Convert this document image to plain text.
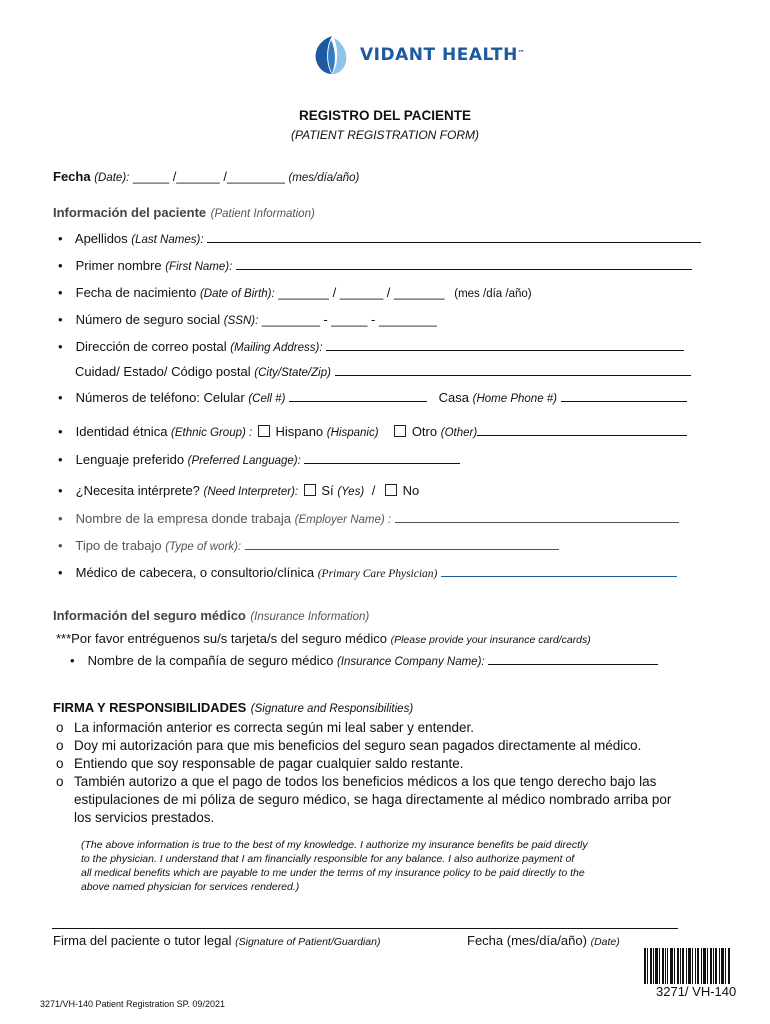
VIDANT HEALTH™
REGISTRO DEL PACIENTE
(PATIENT REGISTRATION FORM)
Fecha (Date): _____ /______ /________ (mes/día/año)
Información del paciente (Patient Information)
• Apellidos (Last Names):
• Primer nombre (First Name):
• Fecha de nacimiento (Date of Birth): _______ / ______ / _______ (mes /día /año)
• Número de seguro social (SSN): ________ - _____ - ________
• Dirección de correo postal (Mailing Address):
Cuidad/ Estado/ Código postal (City/State/Zip)
• Números de teléfono: Celular (Cell #)	Casa (Home Phone #)
• Identidad étnica (Ethnic Group) : Hispano (Hispanic)	Otro (Other)
• Lenguaje preferido (Preferred Language):
• ¿Necesita intérprete? (Need Interpreter): Sí (Yes) / No
• Nombre de la empresa donde trabaja (Employer Name) :
• Tipo de trabajo (Type of work):
• Médico de cabecera, o consultorio/clínica (Primary Care Physician)
Información del seguro médico (Insurance Information)
***Por favor entréguenos su/s tarjeta/s del seguro médico (Please provide your insurance card/cards)
• Nombre de la compañía de seguro médico (Insurance Company Name):
FIRMA Y RESPONSIBILIDADES (Signature and Responsibilities)
o La información anterior es correcta según mi leal saber y entender.
o Doy mi autorización para que mis beneficios del seguro sean pagados directamente al médico.
o Entiendo que soy responsable de pagar cualquier saldo restante.
o También autorizo a que el pago de todos los beneficios médicos a los que tengo derecho bajo las
estipulaciones de mi póliza de seguro médico, se haga directamente al médico nombrado arriba por
los servicios prestados.
(The above information is true to the best of my knowledge. I authorize my insurance benefits be paid directly
to the physician. I understand that I am financially responsible for any balance. I also authorize payment of
all medical benefits which are payable to me under the terms of my insurance policy to be paid directly to the
above named physician for services rendered.)
Firma del paciente o tutor legal (Signature of Patient/Guardian)	Fecha (mes/día/año) (Date)
3271/ VH-140
3271/VH-140 Patient Registration SP. 09/2021
